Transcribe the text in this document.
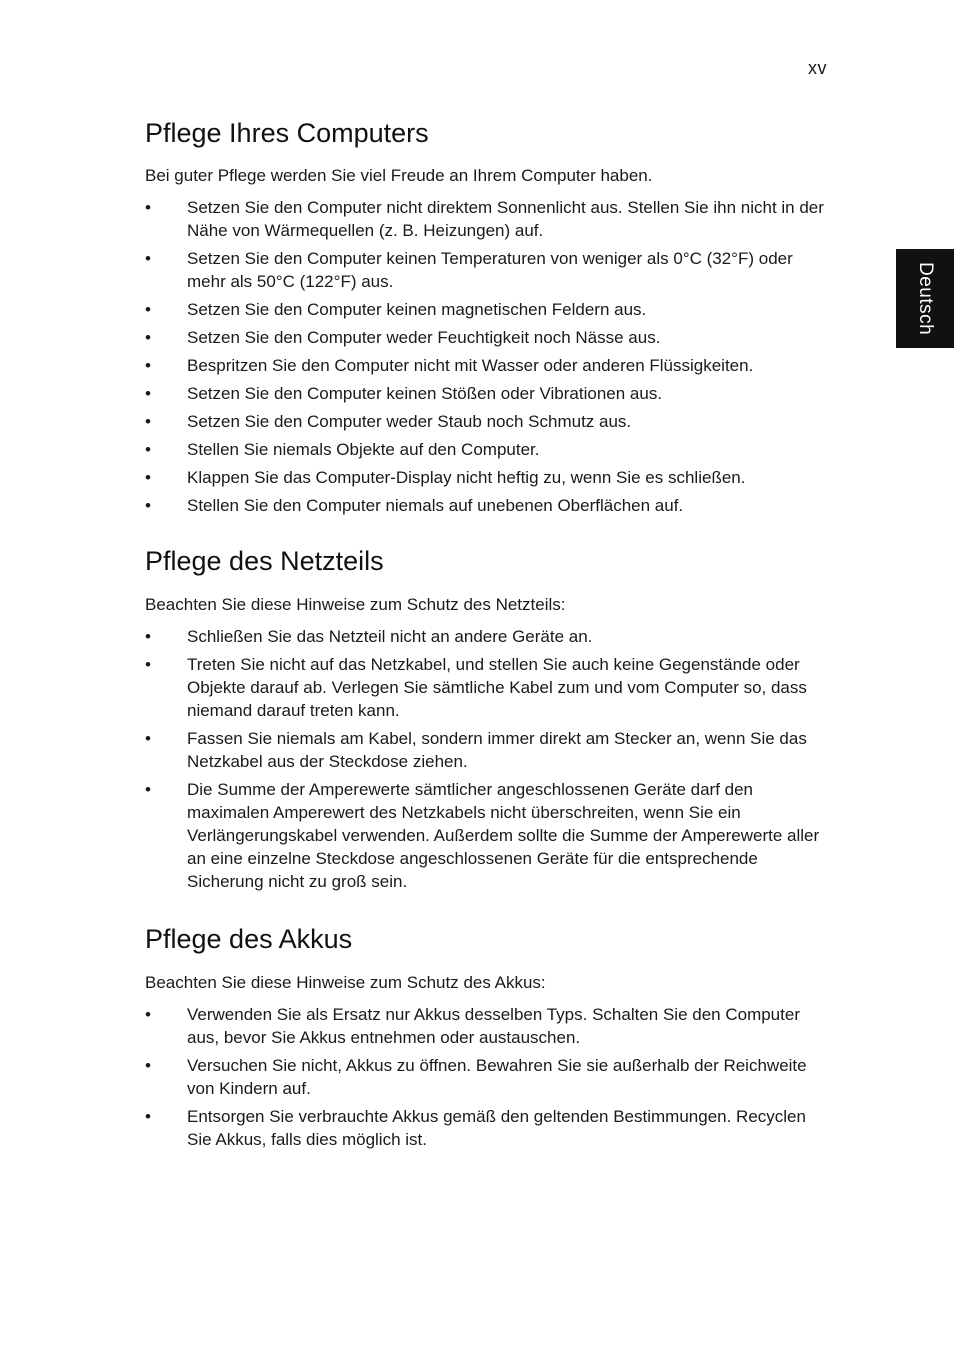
xv
Deutsch
Pflege Ihres Computers

Bei guter Pflege werden Sie viel Freude an Ihrem Computer haben.

• Setzen Sie den Computer nicht direktem Sonnenlicht aus. Stellen Sie ihn nicht in der Nähe von Wärmequellen (z. B. Heizungen) auf.
• Setzen Sie den Computer keinen Temperaturen von weniger als 0°C (32°F) oder mehr als 50°C (122°F) aus.
• Setzen Sie den Computer keinen magnetischen Feldern aus.
• Setzen Sie den Computer weder Feuchtigkeit noch Nässe aus.
• Bespritzen Sie den Computer nicht mit Wasser oder anderen Flüssigkeiten.
• Setzen Sie den Computer keinen Stößen oder Vibrationen aus.
• Setzen Sie den Computer weder Staub noch Schmutz aus.
• Stellen Sie niemals Objekte auf den Computer.
• Klappen Sie das Computer-Display nicht heftig zu, wenn Sie es schließen.
• Stellen Sie den Computer niemals auf unebenen Oberflächen auf.
Pflege des Netzteils

Beachten Sie diese Hinweise zum Schutz des Netzteils:

• Schließen Sie das Netzteil nicht an andere Geräte an.
• Treten Sie nicht auf das Netzkabel, und stellen Sie auch keine Gegenstände oder Objekte darauf ab. Verlegen Sie sämtliche Kabel zum und vom Computer so, dass niemand darauf treten kann.
• Fassen Sie niemals am Kabel, sondern immer direkt am Stecker an, wenn Sie das Netzkabel aus der Steckdose ziehen.
• Die Summe der Amperewerte sämtlicher angeschlossenen Geräte darf den maximalen Amperewert des Netzkabels nicht überschreiten, wenn Sie ein Verlängerungskabel verwenden. Außerdem sollte die Summe der Amperewerte aller an eine einzelne Steckdose angeschlossenen Geräte für die entsprechende Sicherung nicht zu groß sein.
Pflege des Akkus

Beachten Sie diese Hinweise zum Schutz des Akkus:

• Verwenden Sie als Ersatz nur Akkus desselben Typs. Schalten Sie den Computer aus, bevor Sie Akkus entnehmen oder austauschen.
• Versuchen Sie nicht, Akkus zu öffnen. Bewahren Sie sie außerhalb der Reichweite von Kindern auf.
• Entsorgen Sie verbrauchte Akkus gemäß den geltenden Bestimmungen. Recyclen Sie Akkus, falls dies möglich ist.
